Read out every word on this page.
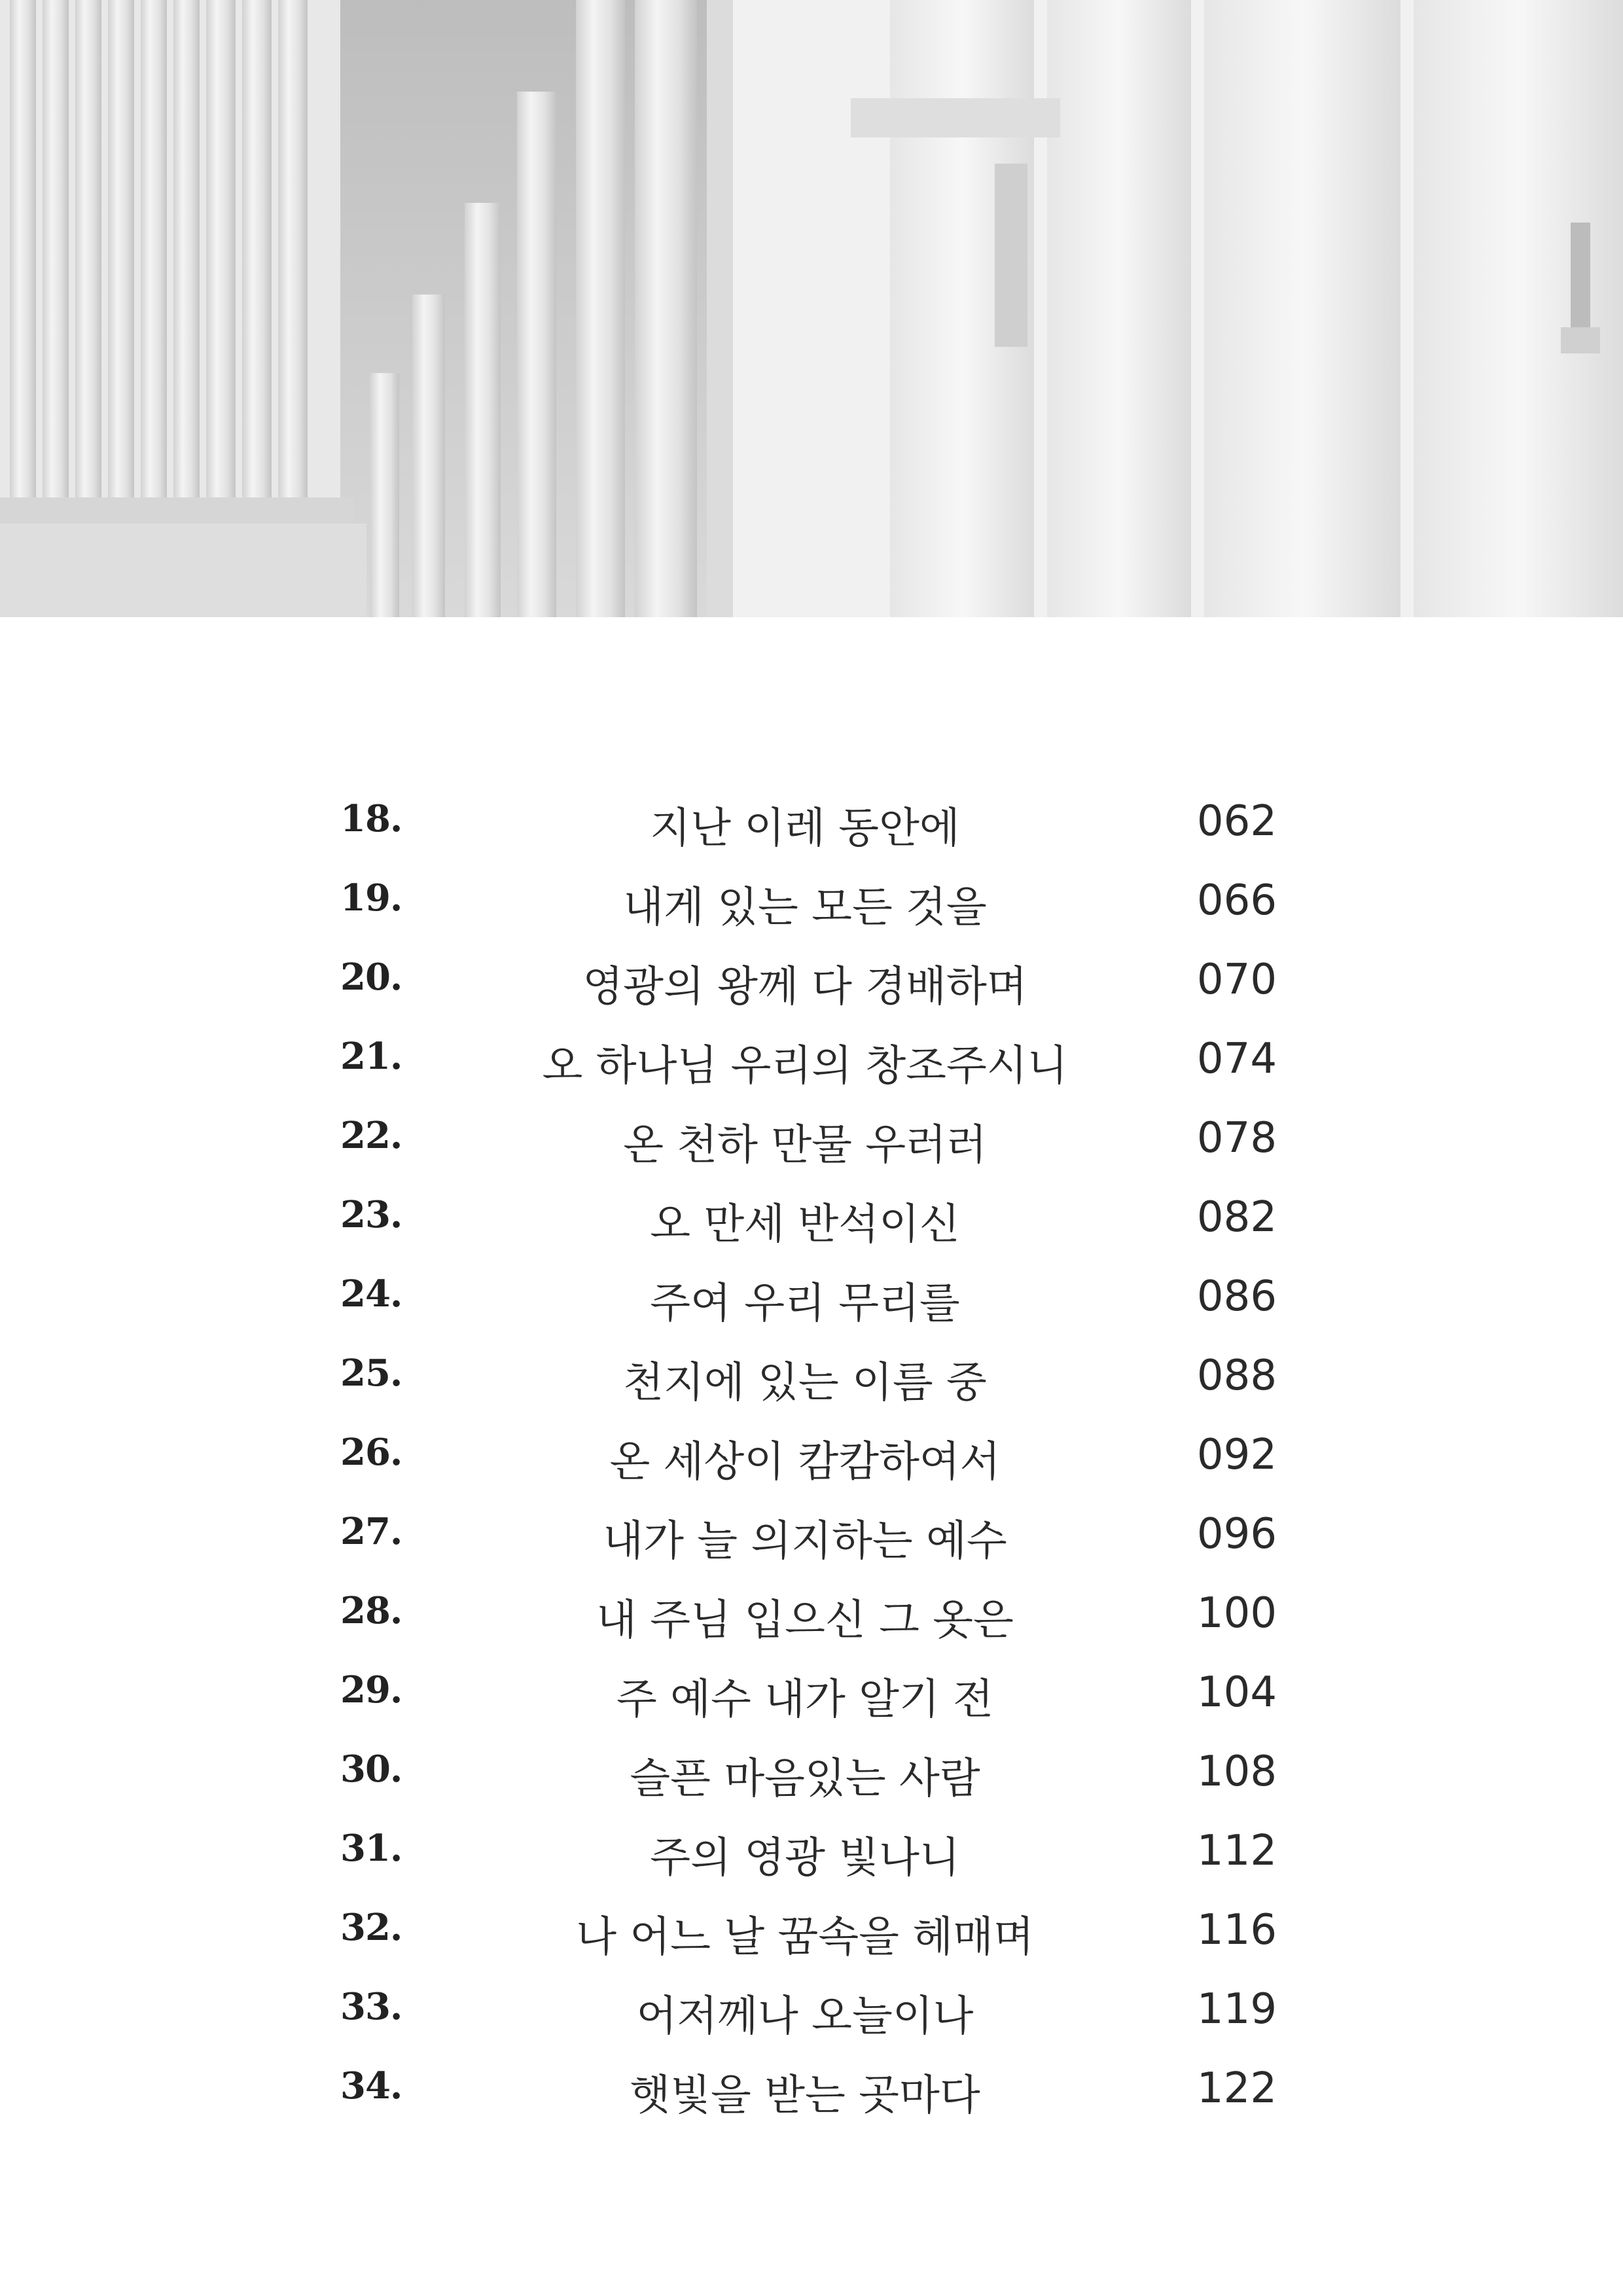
18.	지난 이레 동안에	062
19.	내게 있는 모든 것을	066
20.	영광의 왕께 다 경배하며	070
21.	오 하나님 우리의 창조주시니	074
22.	온 천하 만물 우러러	078
23.	오 만세 반석이신	082
24.	주여 우리 무리를	086
25.	천지에 있는 이름 중	088
26.	온 세상이 캄캄하여서	092
27.	내가 늘 의지하는 예수	096
28.	내 주님 입으신 그 옷은	100
29.	주 예수 내가 알기 전	104
30.	슬픈 마음있는 사람	108
31.	주의 영광 빛나니	112
32.	나 어느 날 꿈속을 헤매며	116
33.	어저께나 오늘이나	119
34.	햇빛을 받는 곳마다	122
